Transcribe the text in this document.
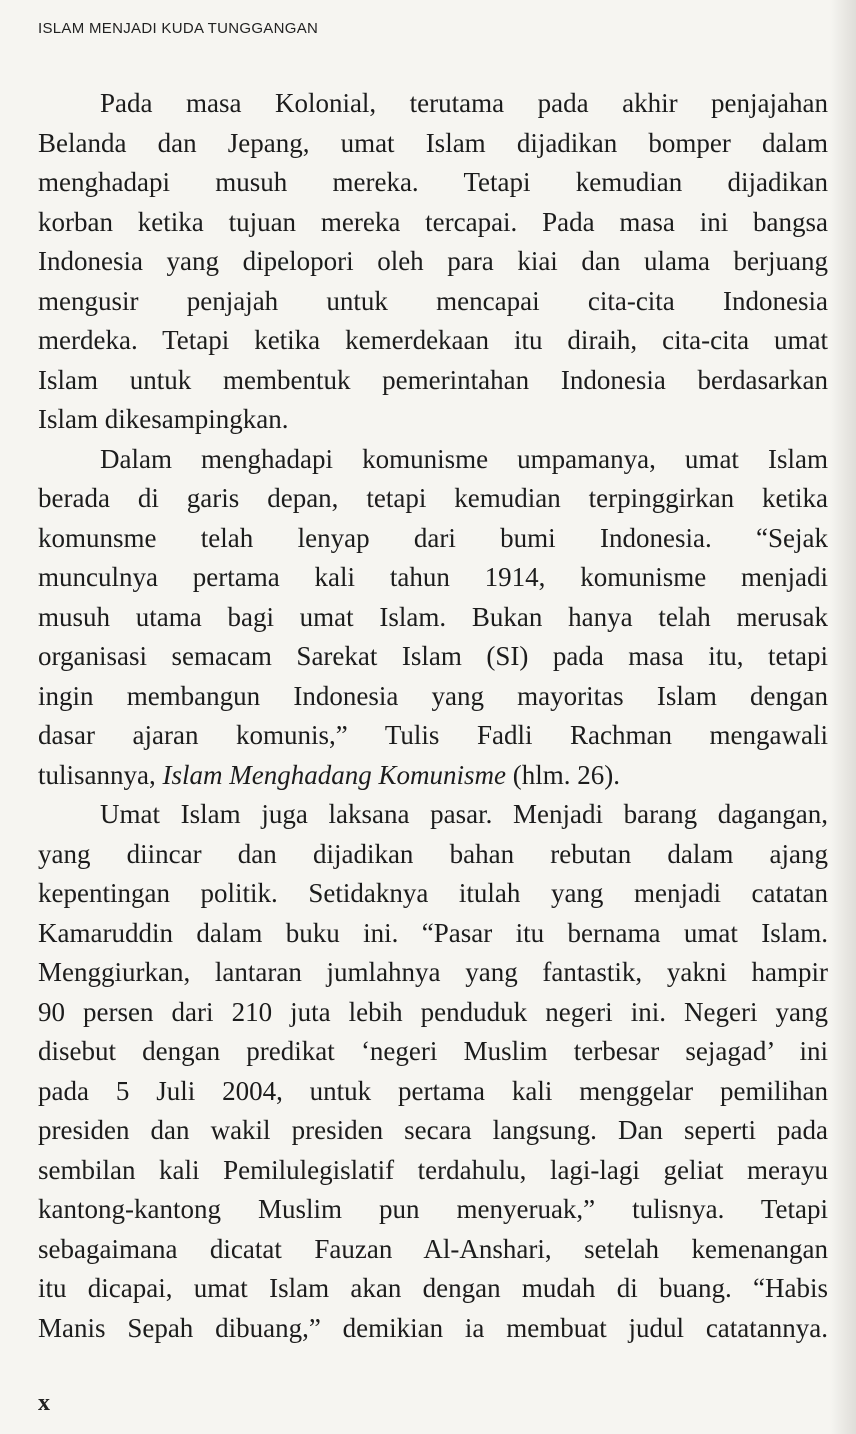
ISLAM MENJADI KUDA TUNGGANGAN
Pada masa Kolonial, terutama pada akhir penjajahan
Belanda dan Jepang, umat Islam dijadikan bomper dalam
menghadapi musuh mereka. Tetapi kemudian dijadikan
korban ketika tujuan mereka tercapai. Pada masa ini bangsa
Indonesia yang dipelopori oleh para kiai dan ulama berjuang
mengusir penjajah untuk mencapai cita-cita Indonesia
merdeka. Tetapi ketika kemerdekaan itu diraih, cita-cita umat
Islam untuk membentuk pemerintahan Indonesia berdasarkan
Islam dikesampingkan.
Dalam menghadapi komunisme umpamanya, umat Islam
berada di garis depan, tetapi kemudian terpinggirkan ketika
komunsme telah lenyap dari bumi Indonesia. “Sejak
munculnya pertama kali tahun 1914, komunisme menjadi
musuh utama bagi umat Islam. Bukan hanya telah merusak
organisasi semacam Sarekat Islam (SI) pada masa itu, tetapi
ingin membangun Indonesia yang mayoritas Islam dengan
dasar ajaran komunis,” Tulis Fadli Rachman mengawali
tulisannya, Islam Menghadang Komunisme (hlm. 26).
Umat Islam juga laksana pasar. Menjadi barang dagangan,
yang diincar dan dijadikan bahan rebutan dalam ajang
kepentingan politik. Setidaknya itulah yang menjadi catatan
Kamaruddin dalam buku ini. “Pasar itu bernama umat Islam.
Menggiurkan, lantaran jumlahnya yang fantastik, yakni hampir
90 persen dari 210 juta lebih penduduk negeri ini. Negeri yang
disebut dengan predikat ‘negeri Muslim terbesar sejagad’ ini
pada 5 Juli 2004, untuk pertama kali menggelar pemilihan
presiden dan wakil presiden secara langsung. Dan seperti pada
sembilan kali Pemilulegislatif terdahulu, lagi-lagi geliat merayu
kantong-kantong Muslim pun menyeruak,” tulisnya. Tetapi
sebagaimana dicatat Fauzan Al-Anshari, setelah kemenangan
itu dicapai, umat Islam akan dengan mudah di buang. “Habis
Manis Sepah dibuang,” demikian ia membuat judul catatannya.
x
